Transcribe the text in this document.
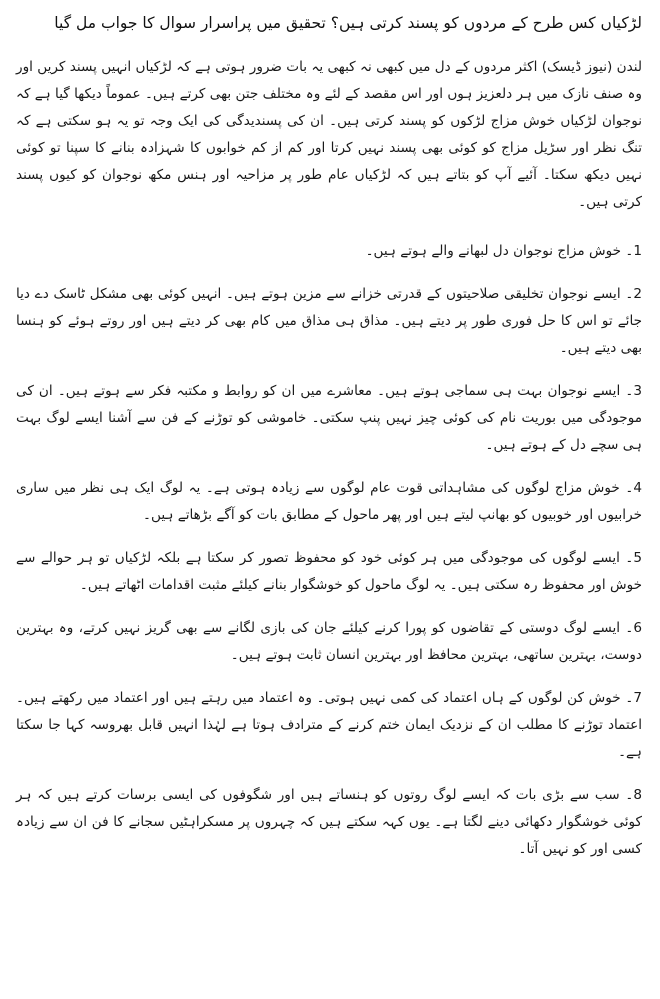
لڑکیاں کس طرح کے مردوں کو پسند کرتی ہیں؟ تحقیق میں پراسرار سوال کا جواب مل گیا

لندن (نیوز ڈیسک) اکثر مردوں کے دل میں کبھی نہ کبھی یہ بات ضرور ہوتی ہے کہ لڑکیاں انہیں پسند کریں اور وہ صنف نازک میں ہر دلعزیز ہوں اور اس مقصد کے لئے وہ مختلف جتن بھی کرتے ہیں۔ عموماً دیکھا گیا ہے کہ نوجوان لڑکیاں خوش مزاج لڑکوں کو پسند کرتی ہیں۔ ان کی پسندیدگی کی ایک وجہ تو یہ ہو سکتی ہے کہ تنگ نظر اور سڑیل مزاج کو کوئی بھی پسند نہیں کرتا اور کم از کم خوابوں کا شہزادہ بنانے کا سپنا تو کوئی نہیں دیکھ سکتا۔ آئیے آپ کو بتاتے ہیں کہ لڑکیاں عام طور پر مزاحیہ اور ہنس مکھ نوجوان کو کیوں پسند کرتی ہیں۔

1۔ خوش مزاج نوجوان دل لبھانے والے ہوتے ہیں۔

2۔ ایسے نوجوان تخلیقی صلاحیتوں کے قدرتی خزانے سے مزین ہوتے ہیں۔ انہیں کوئی بھی مشکل ٹاسک دے دیا جائے تو اس کا حل فوری طور پر دیتے ہیں۔ مذاق ہی مذاق میں کام بھی کر دیتے ہیں اور روتے ہوئے کو ہنسا بھی دیتے ہیں۔

3۔ ایسے نوجوان بہت ہی سماجی ہوتے ہیں۔ معاشرے میں ان کو روابط و مکتبہ فکر سے ہوتے ہیں۔ ان کی موجودگی میں بوریت نام کی کوئی چیز نہیں پنپ سکتی۔ خاموشی کو توڑنے کے فن سے آشنا ایسے لوگ بہت ہی سچے دل کے ہوتے ہیں۔

4۔ خوش مزاج لوگوں کی مشاہداتی قوت عام لوگوں سے زیادہ ہوتی ہے۔ یہ لوگ ایک ہی نظر میں ساری خرابیوں اور خوبیوں کو بھانپ لیتے ہیں اور پھر ماحول کے مطابق بات کو آگے بڑھاتے ہیں۔

5۔ ایسے لوگوں کی موجودگی میں ہر کوئی خود کو محفوظ تصور کر سکتا ہے بلکہ لڑکیاں تو ہر حوالے سے خوش اور محفوظ رہ سکتی ہیں۔ یہ لوگ ماحول کو خوشگوار بنانے کیلئے مثبت اقدامات اٹھاتے ہیں۔

6۔ ایسے لوگ دوستی کے تقاضوں کو پورا کرنے کیلئے جان کی بازی لگانے سے بھی گریز نہیں کرتے، وہ بہترین دوست، بہترین ساتھی، بہترین محافظ اور بہترین انسان ثابت ہوتے ہیں۔

7۔ خوش کن لوگوں کے ہاں اعتماد کی کمی نہیں ہوتی۔ وہ اعتماد میں رہتے ہیں اور اعتماد میں رکھتے ہیں۔ اعتماد توڑنے کا مطلب ان کے نزدیک ایمان ختم کرنے کے مترادف ہوتا ہے لہٰذا انہیں قابل بھروسہ کہا جا سکتا ہے۔

8۔ سب سے بڑی بات کہ ایسے لوگ روتوں کو ہنساتے ہیں اور شگوفوں کی ایسی برسات کرتے ہیں کہ ہر کوئی خوشگوار دکھائی دینے لگتا ہے۔ یوں کہہ سکتے ہیں کہ چہروں پر مسکراہٹیں سجانے کا فن ان سے زیادہ کسی اور کو نہیں آتا۔
